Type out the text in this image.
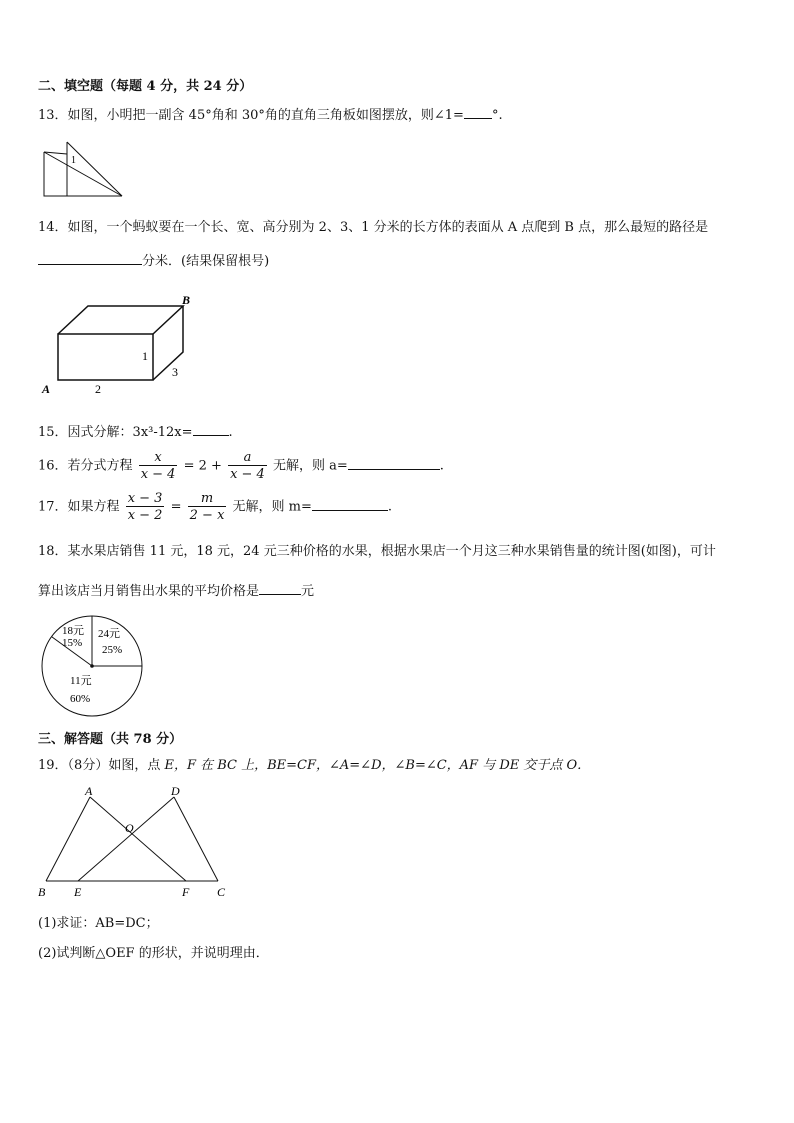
二、填空题（每题 4 分，共 24 分）
13．如图，小明把一副含 45°角和 30°角的直角三角板如图摆放，则∠1= °.
1
14．如图，一个蚂蚁要在一个长、宽、高分别为 2、3、1 分米的长方体的表面从 A 点爬到 B 点，那么最短的路径是
分米．(结果保留根号)
A
B
2
1
3
15．因式分解：3x³-12x=	.
16．若分式方程 $\frac{x}{x - 4} = 2 + \frac{a}{x - 4}$ 无解，则 a=	.
17．如果方程 $\frac{x - 3}{x - 2} = \frac{m}{2 - x}$ 无解，则 m=	.
18．某水果店销售 11 元，18 元，24 元三种价格的水果，根据水果店一个月这三种水果销售量的统计图(如图)，可计
算出该店当月销售出水果的平均价格是	元
18元
15%
24元
25%
11元
60%
三、解答题（共 78 分）
19．（8分）如图，点 E，F 在 BC 上，BE=CF，∠A=∠D，∠B=∠C，AF 与 DE 交于点 O．
A	D
O
B E	F C
(1)求证：AB=DC；
(2)试判断△OEF 的形状，并说明理由．
